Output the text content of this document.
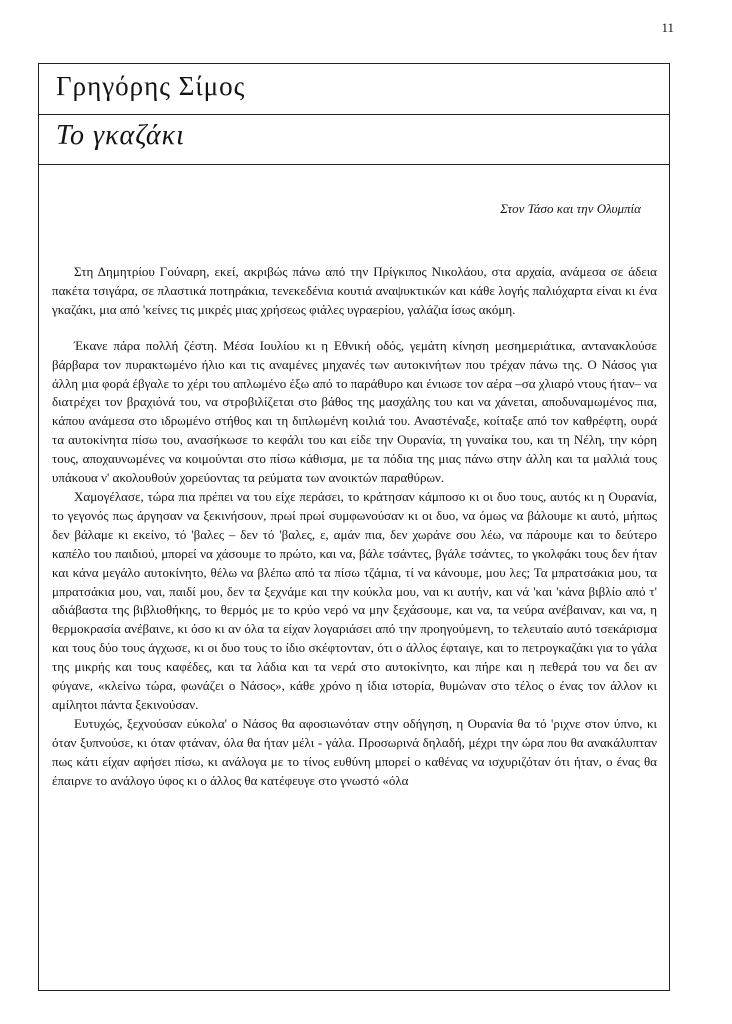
11
Γρηγόρης Σίμος
Το γκαζάκι
Στον Τάσο και την Ολυμπία

Στη Δημητρίου Γούναρη, εκεί, ακριβώς πάνω από την Πρίγκιπος Νικολάου, στα αρχαία, ανάμεσα σε άδεια πακέτα τσιγάρα, σε πλαστικά ποτηράκια, τενεκεδένια κουτιά αναψυκτικών και κάθε λογής παλιόχαρτα είναι κι ένα γκαζάκι, μια από 'κείνες τις μικρές μιας χρήσεως φιάλες υγραερίου, γαλάζια ίσως ακόμη.

Έκανε πάρα πολλή ζέστη. Μέσα Ιουλίου κι η Εθνική οδός, γεμάτη κίνηση μεσημεριάτικα, αντανακλούσε βάρβαρα τον πυρακτωμένο ήλιο και τις αναμένες μηχανές των αυτοκινήτων που τρέχαν πάνω της. Ο Νάσος για άλλη μια φορά έβγαλε το χέρι του απλωμένο έξω από το παράθυρο και ένιωσε τον αέρα –σα χλιαρό ντους ήταν– να διατρέχει τον βραχιόνά του, να στροβιλίζεται στο βάθος της μασχάλης του και να χάνεται, αποδυναμωμένος πια, κάπου ανάμεσα στο ιδρωμένο στήθος και τη διπλωμένη κοιλιά του. Αναστέναξε, κοίταξε από τον καθρέφτη, ουρά τα αυτοκίνητα πίσω του, ανασήκωσε το κεφάλι του και είδε την Ουρανία, τη γυναίκα του, και τη Νέλη, την κόρη τους, αποχαυνωμένες να κοιμούνται στο πίσω κάθισμα, με τα πόδια της μιας πάνω στην άλλη και τα μαλλιά τους υπάκουα ν' ακολουθούν χορεύοντας τα ρεύματα των ανοικτών παραθύρων.

Χαμογέλασε, τώρα πια πρέπει να του είχε περάσει, το κράτησαν κάμποσο κι οι δυο τους, αυτός κι η Ουρανία, το γεγονός πως άργησαν να ξεκινήσουν, πρωί πρωί συμφωνούσαν κι οι δυο, να όμως να βάλουμε κι αυτό, μήπως δεν βάλαμε κι εκείνο, τό 'βαλες – δεν τό 'βαλες, ε, αμάν πια, δεν χωράνε σου λέω, να πάρουμε και το δεύτερο καπέλο του παιδιού, μπορεί να χάσουμε το πρώτο, και να, βάλε τσάντες, βγάλε τσάντες, το γκολφάκι τους δεν ήταν και κάνα μεγάλο αυτοκίνητο, θέλω να βλέπω από τα πίσω τζάμια, τί να κάνουμε, μου λες; Τα μπρατσάκια μου, τα μπρατσάκια μου, ναι, παιδί μου, δεν τα ξεχνάμε και την κούκλα μου, ναι κι αυτήν, και νά 'και 'κάνα βιβλίο από τ' αδιάβαστα της βιβλιοθήκης, το θερμός με το κρύο νερό να μην ξεχάσουμε, και να, τα νεύρα ανέβαιναν, και να, η θερμοκρασία ανέβαινε, κι όσο κι αν όλα τα είχαν λογαριάσει από την προηγούμενη, το τελευταίο αυτό τσεκάρισμα και τους δύο τους άγχωσε, κι οι δυο τους το ίδιο σκέφτονταν, ότι ο άλλος έφταιγε, και το πετρογκαζάκι για το γάλα της μικρής και τους καφέδες, και τα λάδια και τα νερά στο αυτοκίνητο, και πήρε και η πεθερά του να δει αν φύγανε, «κλείνω τώρα, φωνάζει ο Νάσος», κάθε χρόνο η ίδια ιστορία, θυμώναν στο τέλος ο ένας τον άλλον κι αμίλητοι πάντα ξεκινούσαν.

Ευτυχώς, ξεχνούσαν εύκολα' ο Νάσος θα αφοσιωνόταν στην οδήγηση, η Ουρανία θα τό 'ριχνε στον ύπνο, κι όταν ξυπνούσε, κι όταν φτάναν, όλα θα ήταν μέλι - γάλα. Προσωρινά δηλαδή, μέχρι την ώρα που θα ανακάλυπταν πως κάτι είχαν αφήσει πίσω, κι ανάλογα με το τίνος ευθύνη μπορεί ο καθένας να ισχυριζόταν ότι ήταν, ο ένας θα έπαιρνε το ανάλογο ύφος κι ο άλλος θα κατέφευγε στο γνωστό «όλα
